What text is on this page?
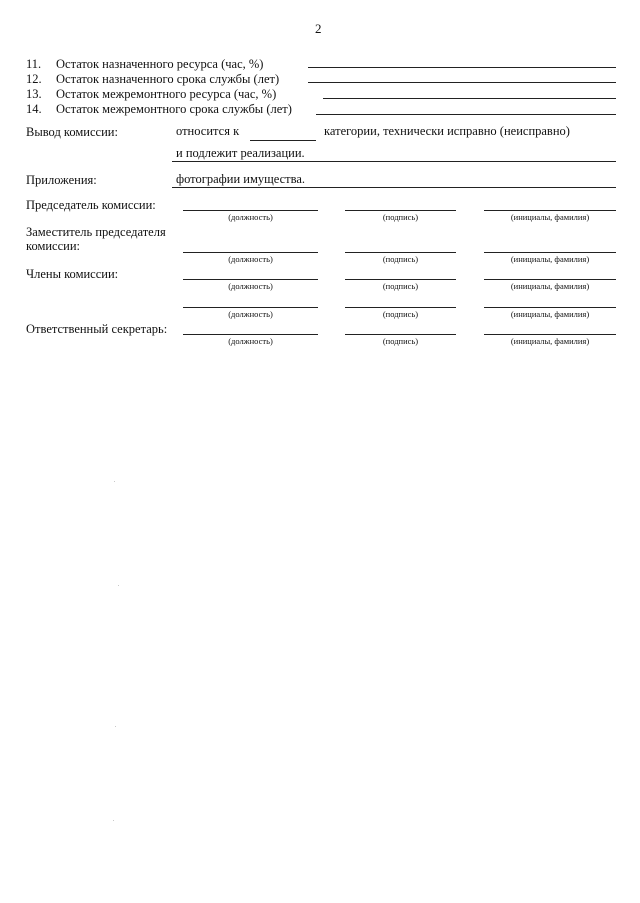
2
11. Остаток назначенного ресурса (час, %)
12. Остаток назначенного срока службы (лет)
13. Остаток межремонтного ресурса (час, %)
14. Остаток межремонтного срока службы (лет)
Вывод комиссии:	относится к	категории, технически исправно (неисправно)
и подлежит реализации.
Приложения:	фотографии имущества.
Председатель комиссии:
(должность)	(подпись)	(инициалы, фамилия)
Заместитель председателя комиссии:
(должность)	(подпись)	(инициалы, фамилия)
Члены комиссии:
(должность)	(подпись)	(инициалы, фамилия)
(должность)	(подпись)	(инициалы, фамилия)
Ответственный секретарь:
(должность)	(подпись)	(инициалы, фамилия)
